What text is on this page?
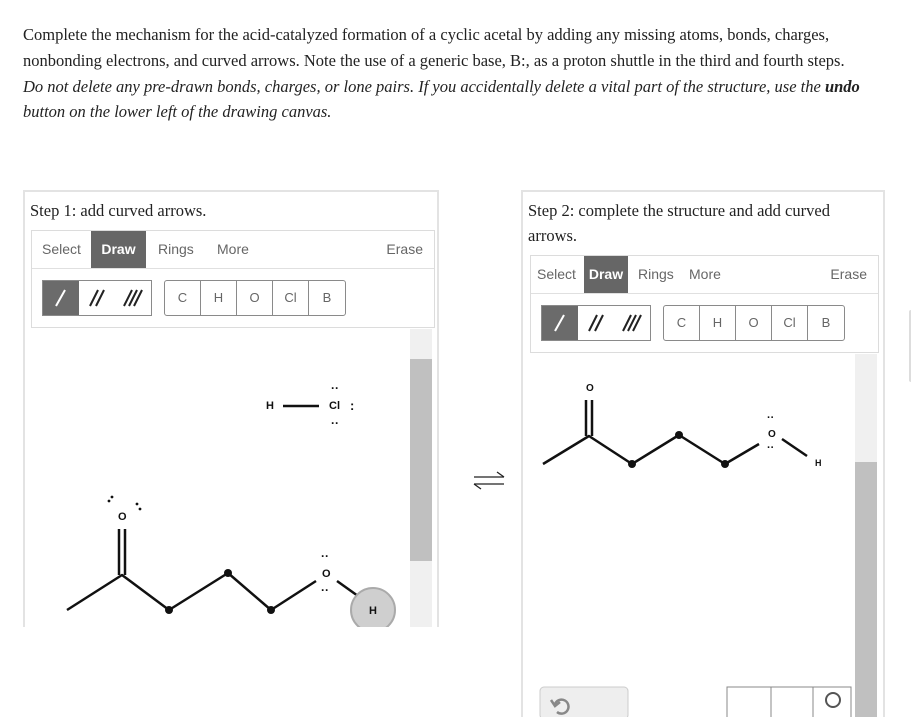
Complete the mechanism for the acid-catalyzed formation of a cyclic acetal by adding any missing atoms, bonds, charges, nonbonding electrons, and curved arrows. Note the use of a generic base, B:, as a proton shuttle in the third and fourth steps.

Do not delete any pre-drawn bonds, charges, or lone pairs. If you accidentally delete a vital part of the structure, use the undo button on the lower left of the drawing canvas.

Step 1: add curved arrows.
Select	Draw	Rings More	Erase
C	H	O	Cl	B
H	Cl
··
:
··
O
O
··
··
H
Step 2: complete the structure and add curved arrows.
Select Draw	Rings More	Erase
C	H	O	Cl	B
O
O
··
··
H
